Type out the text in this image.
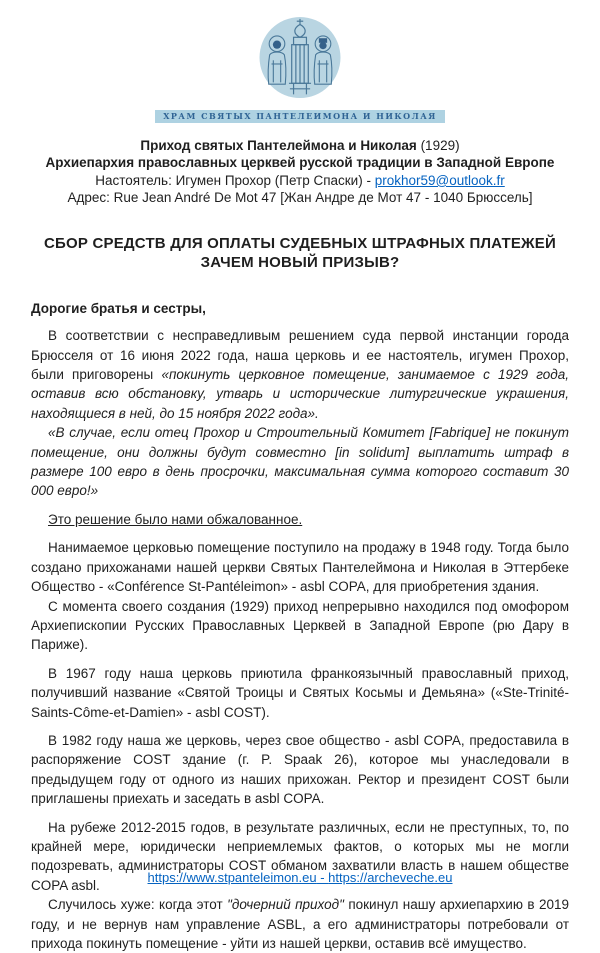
ХРАМ СВЯТЫХ ПАНТЕЛЕИМОНА И НИКОЛАЯ
Приход святых Пантелеймона и Николая (1929)
Архиепархия православных церквей русской традиции в Западной Европе
Настоятель: Игумен Прохор (Петр Спаски) - prokhor59@outlook.fr
Адрес: Rue Jean André De Mot 47 [Жан Андре де Мот 47 - 1040 Брюссель]
СБОР СРЕДСТВ ДЛЯ ОПЛАТЫ СУДЕБНЫХ ШТРАФНЫХ ПЛАТЕЖЕЙ
ЗАЧЕМ НОВЫЙ ПРИЗЫВ?
Дорогие братья и сестры,
В соответствии с несправедливым решением суда первой инстанции города Брюсселя от 16 июня 2022 года, наша церковь и ее настоятель, игумен Прохор, были приговорены «покинуть церковное помещение, занимаемое с 1929 года, оставив всю обстановку, утварь и исторические литургические украшения, находящиеся в ней, до 15 ноября 2022 года».
«В случае, если отец Прохор и Строительный Комитет [Fabrique] не покинут помещение, они должны будут совместно [in solidum] выплатить штраф в размере 100 евро в день просрочки, максимальная сумма которого составит 30 000 евро!»
Это решение было нами обжалованное.
Нанимаемое церковью помещение поступило на продажу в 1948 году. Тогда было создано прихожанами нашей церкви Святых Пантелеймона и Николая в Эттербеке Общество - «Conférence St-Pantéleimon» - asbl COPA, для приобретения здания.
С момента своего создания (1929) приход непрерывно находился под омофором Архиепископии Русских Православных Церквей в Западной Европе (рю Дару в Париже).
В 1967 году наша церковь приютила франкоязычный православный приход, получивший название «Святой Троицы и Святых Косьмы и Демьяна» («Ste-Trinité-Saints-Côme-et-Damien» - asbl COST).
В 1982 году наша же церковь, через свое общество - asbl COPA, предоставила в распоряжение COST здание (г. P. Spaak 26), которое мы унаследовали в предыдущем году от одного из наших прихожан. Ректор и президент COST были приглашены приехать и заседать в asbl COPA.
На рубеже 2012-2015 годов, в результате различных, если не преступных, то, по крайней мере, юридически неприемлемых фактов, о которых мы не могли подозревать, администраторы COST обманом захватили власть в нашем обществе COPA asbl.
Случилось хуже: когда этот "дочерний приход" покинул нашу архиепархию в 2019 году, и не вернув нам управление ASBL, а его администраторы потребовали от прихода покинуть помещение - уйти из нашей церкви, оставив всё имущество.
https://www.stpanteleimon.eu - https://archeveche.eu
